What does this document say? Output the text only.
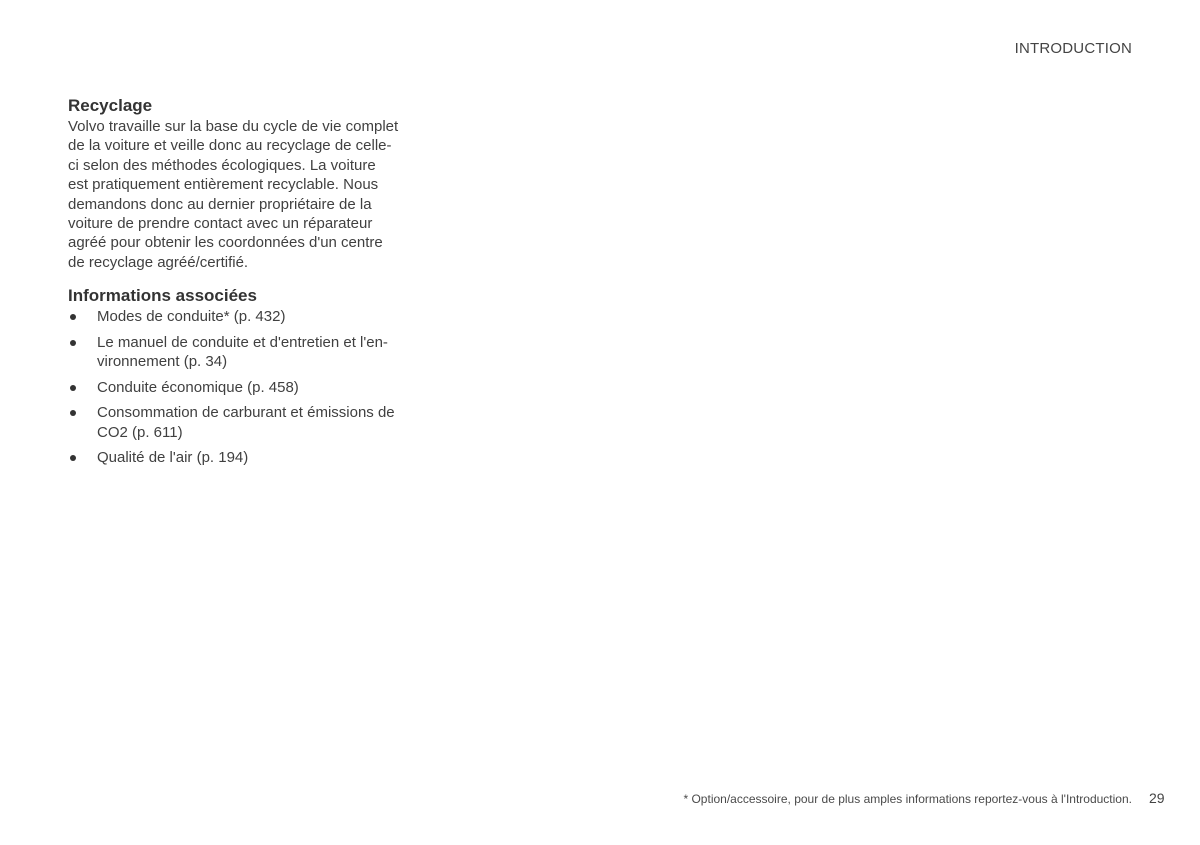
INTRODUCTION
Recyclage

Volvo travaille sur la base du cycle de vie complet
de la voiture et veille donc au recyclage de celle-
ci selon des méthodes écologiques. La voiture
est pratiquement entièrement recyclable. Nous
demandons donc au dernier propriétaire de la
voiture de prendre contact avec un réparateur
agréé pour obtenir les coordonnées d'un centre
de recyclage agréé/certifié.

Informations associées
Modes de conduite* (p. 432)
Le manuel de conduite et d'entretien et l'en-
vironnement (p. 34)
Conduite économique (p. 458)
Consommation de carburant et émissions de
CO2 (p. 611)
Qualité de l'air (p. 194)
* Option/accessoire, pour de plus amples informations reportez-vous à l'Introduction. 29
